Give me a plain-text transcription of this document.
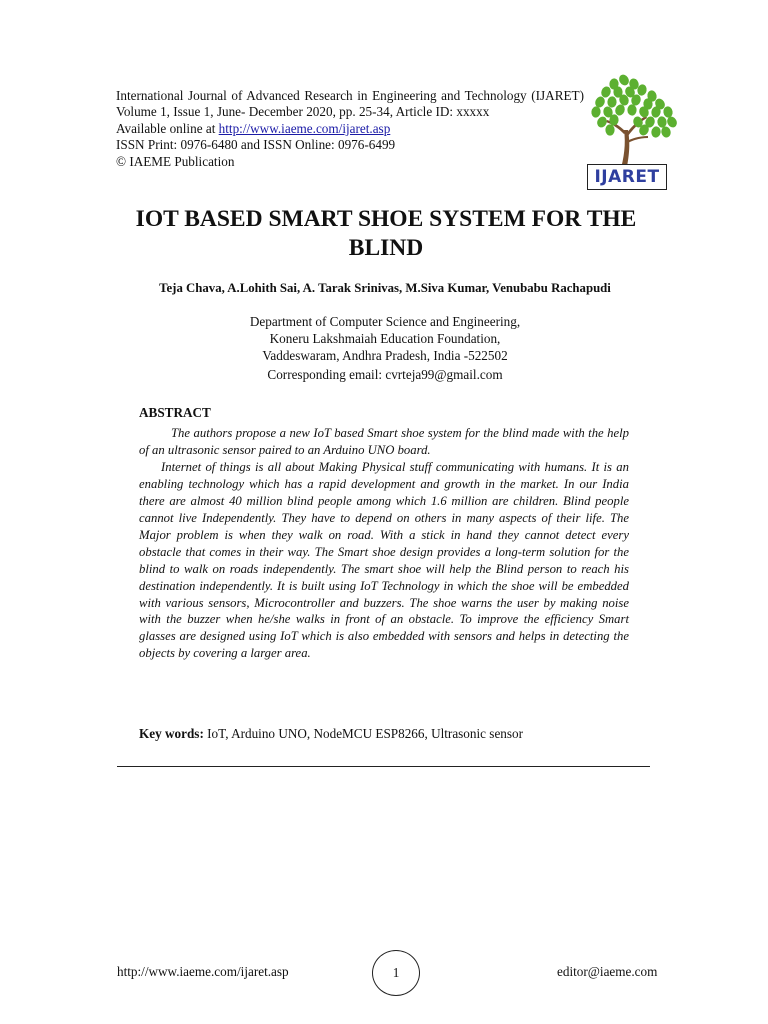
International Journal of Advanced Research in Engineering and Technology (IJARET) Volume 1, Issue 1, June- December 2020, pp. 25-34, Article ID: xxxxx
Available online at http://www.iaeme.com/ijaret.asp
ISSN Print: 0976-6480 and ISSN Online: 0976-6499
© IAEME Publication
IJARET
IOT BASED SMART SHOE SYSTEM FOR THE BLIND
Teja Chava, A.Lohith Sai, A. Tarak Srinivas, M.Siva Kumar, Venubabu Rachapudi
Department of Computer Science and Engineering,
Koneru Lakshmaiah Education Foundation,
Vaddeswaram, Andhra Pradesh, India -522502
Corresponding email: cvrteja99@gmail.com
ABSTRACT

The authors propose a new IoT based Smart shoe system for the blind made with the help of an ultrasonic sensor paired to an Arduino UNO board.

Internet of things is all about Making Physical stuff communicating with humans. It is an enabling technology which has a rapid development and growth in the market. In our India there are almost 40 million blind people among which 1.6 million are children. Blind people cannot live Independently. They have to depend on others in many aspects of their life. The Major problem is when they walk on road. With a stick in hand they cannot detect every obstacle that comes in their way. The Smart shoe design provides a long-term solution for the blind to walk on roads independently. The smart shoe will help the Blind person to reach his destination independently. It is built using IoT Technology in which the shoe will be embedded with various sensors, Microcontroller and buzzers. The shoe warns the user by making noise with the buzzer when he/she walks in front of an obstacle. To improve the efficiency Smart glasses are designed using IoT which is also embedded with sensors and helps in detecting the objects by covering a larger area.

Key words: IoT, Arduino UNO, NodeMCU ESP8266, Ultrasonic sensor
http://www.iaeme.com/ijaret.asp	1	editor@iaeme.com
